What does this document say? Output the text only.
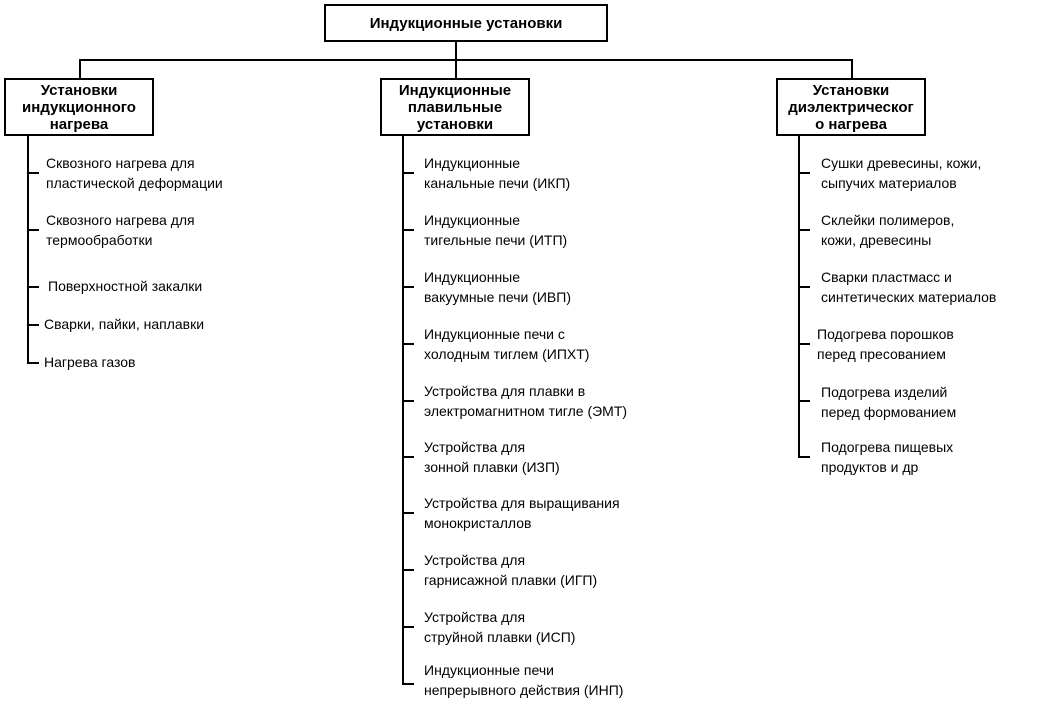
Индукционные установки
Установки
индукционного
нагрева
Индукционные
плавильные
установки
Установки
диэлектрическог
о нагрева
Сквозного нагрева для
пластической деформации
Сквозного нагрева для
термообработки
Поверхностной закалки
Сварки, пайки, наплавки
Нагрева газов
Индукционные
канальные печи (ИКП)
Индукционные
тигельные печи (ИТП)
Индукционные
вакуумные печи (ИВП)
Индукционные печи с
холодным тиглем (ИПХТ)
Устройства для плавки в
электромагнитном тигле (ЭМТ)
Устройства для
зонной плавки (ИЗП)
Устройства для выращивания
монокристаллов
Устройства для
гарнисажной плавки (ИГП)
Устройства для
струйной плавки (ИСП)
Индукционные печи
непрерывного действия (ИНП)
Сушки древесины, кожи,
сыпучих материалов
Склейки полимеров,
кожи, древесины
Сварки пластмасс и
синтетических материалов
Подогрева порошков
перед пресованием
Подогрева изделий
перед формованием
Подогрева пищевых
продуктов и др
